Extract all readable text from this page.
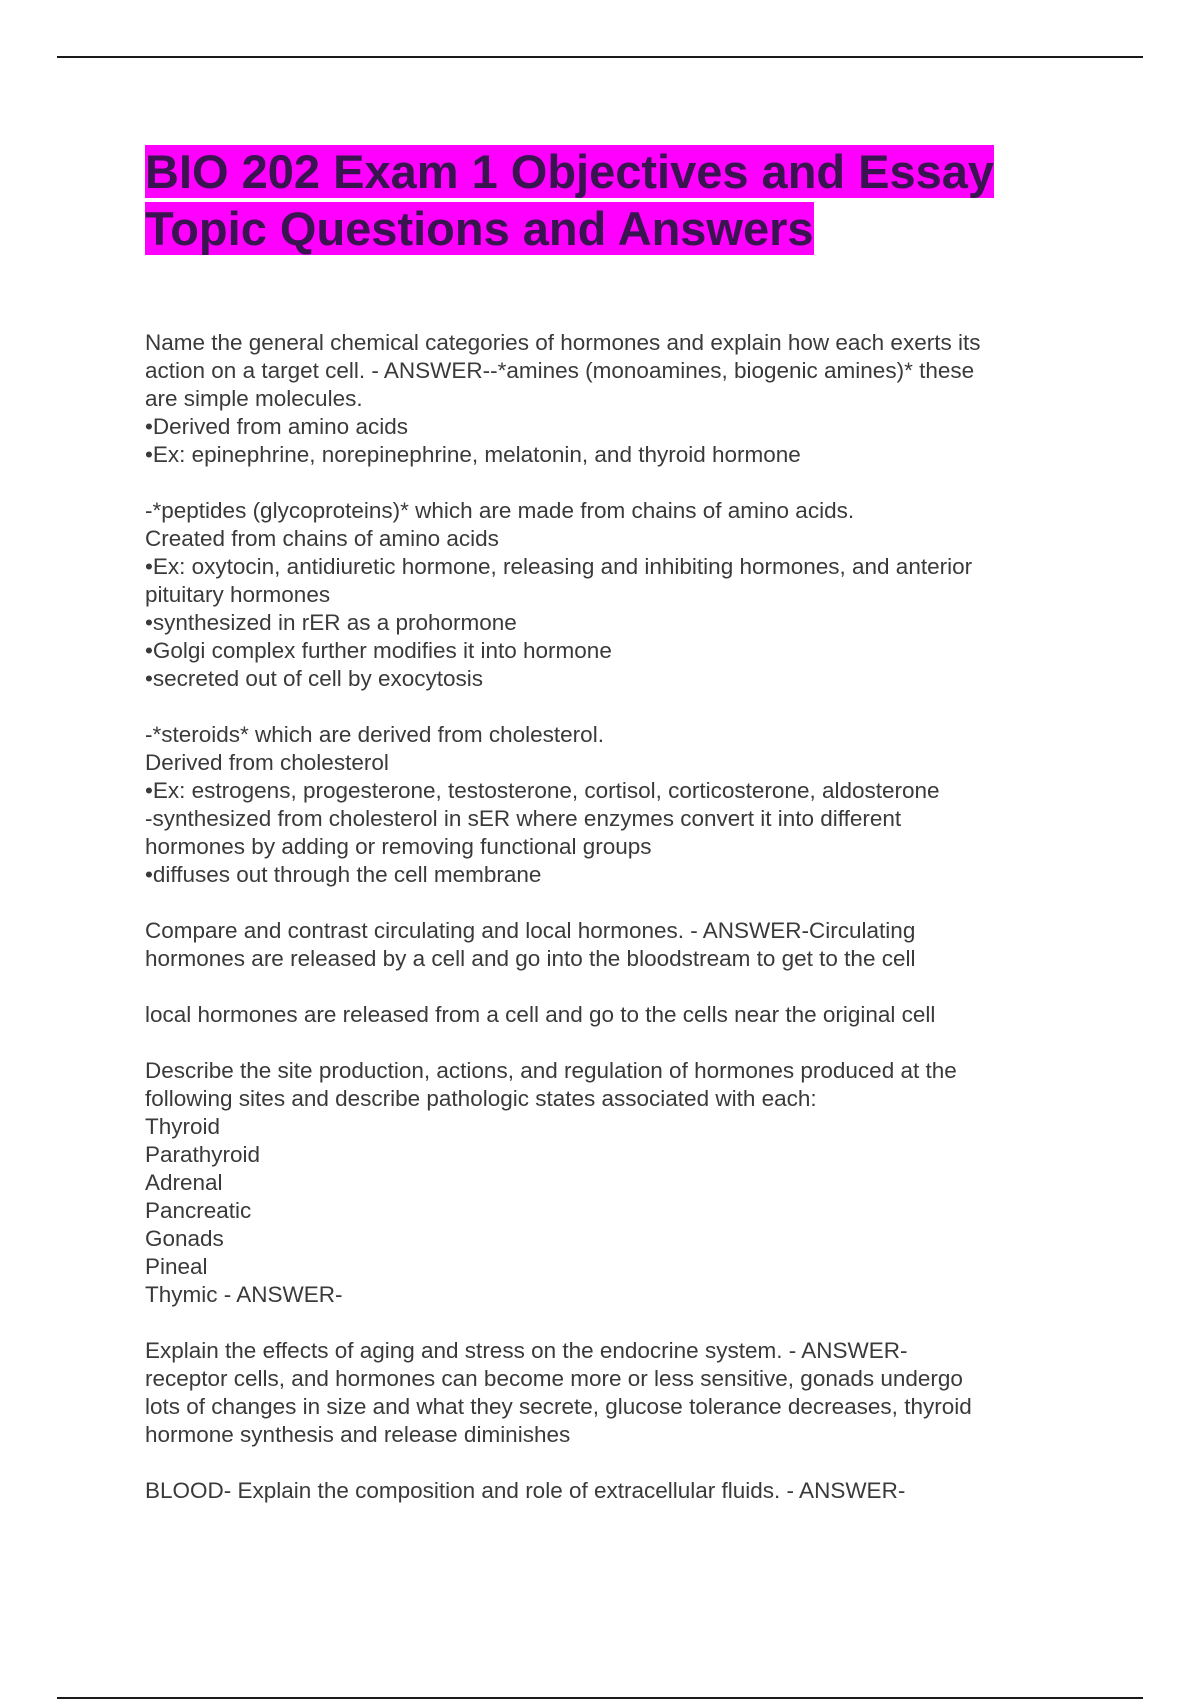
BIO 202 Exam 1 Objectives and Essay
Topic Questions and Answers
Name the general chemical categories of hormones and explain how each exerts its
action on a target cell. - ANSWER--*amines (monoamines, biogenic amines)* these
are simple molecules.
•Derived from amino acids
•Ex: epinephrine, norepinephrine, melatonin, and thyroid hormone
-*peptides (glycoproteins)* which are made from chains of amino acids.
Created from chains of amino acids
•Ex: oxytocin, antidiuretic hormone, releasing and inhibiting hormones, and anterior
pituitary hormones
•synthesized in rER as a prohormone
•Golgi complex further modifies it into hormone
•secreted out of cell by exocytosis
-*steroids* which are derived from cholesterol.
Derived from cholesterol
•Ex: estrogens, progesterone, testosterone, cortisol, corticosterone, aldosterone
-synthesized from cholesterol in sER where enzymes convert it into different
hormones by adding or removing functional groups
•diffuses out through the cell membrane
Compare and contrast circulating and local hormones. - ANSWER-Circulating
hormones are released by a cell and go into the bloodstream to get to the cell
local hormones are released from a cell and go to the cells near the original cell
Describe the site production, actions, and regulation of hormones produced at the
following sites and describe pathologic states associated with each:
Thyroid
Parathyroid
Adrenal
Pancreatic
Gonads
Pineal
Thymic - ANSWER-
Explain the effects of aging and stress on the endocrine system. - ANSWER-
receptor cells, and hormones can become more or less sensitive, gonads undergo
lots of changes in size and what they secrete, glucose tolerance decreases, thyroid
hormone synthesis and release diminishes
BLOOD- Explain the composition and role of extracellular fluids. - ANSWER-
